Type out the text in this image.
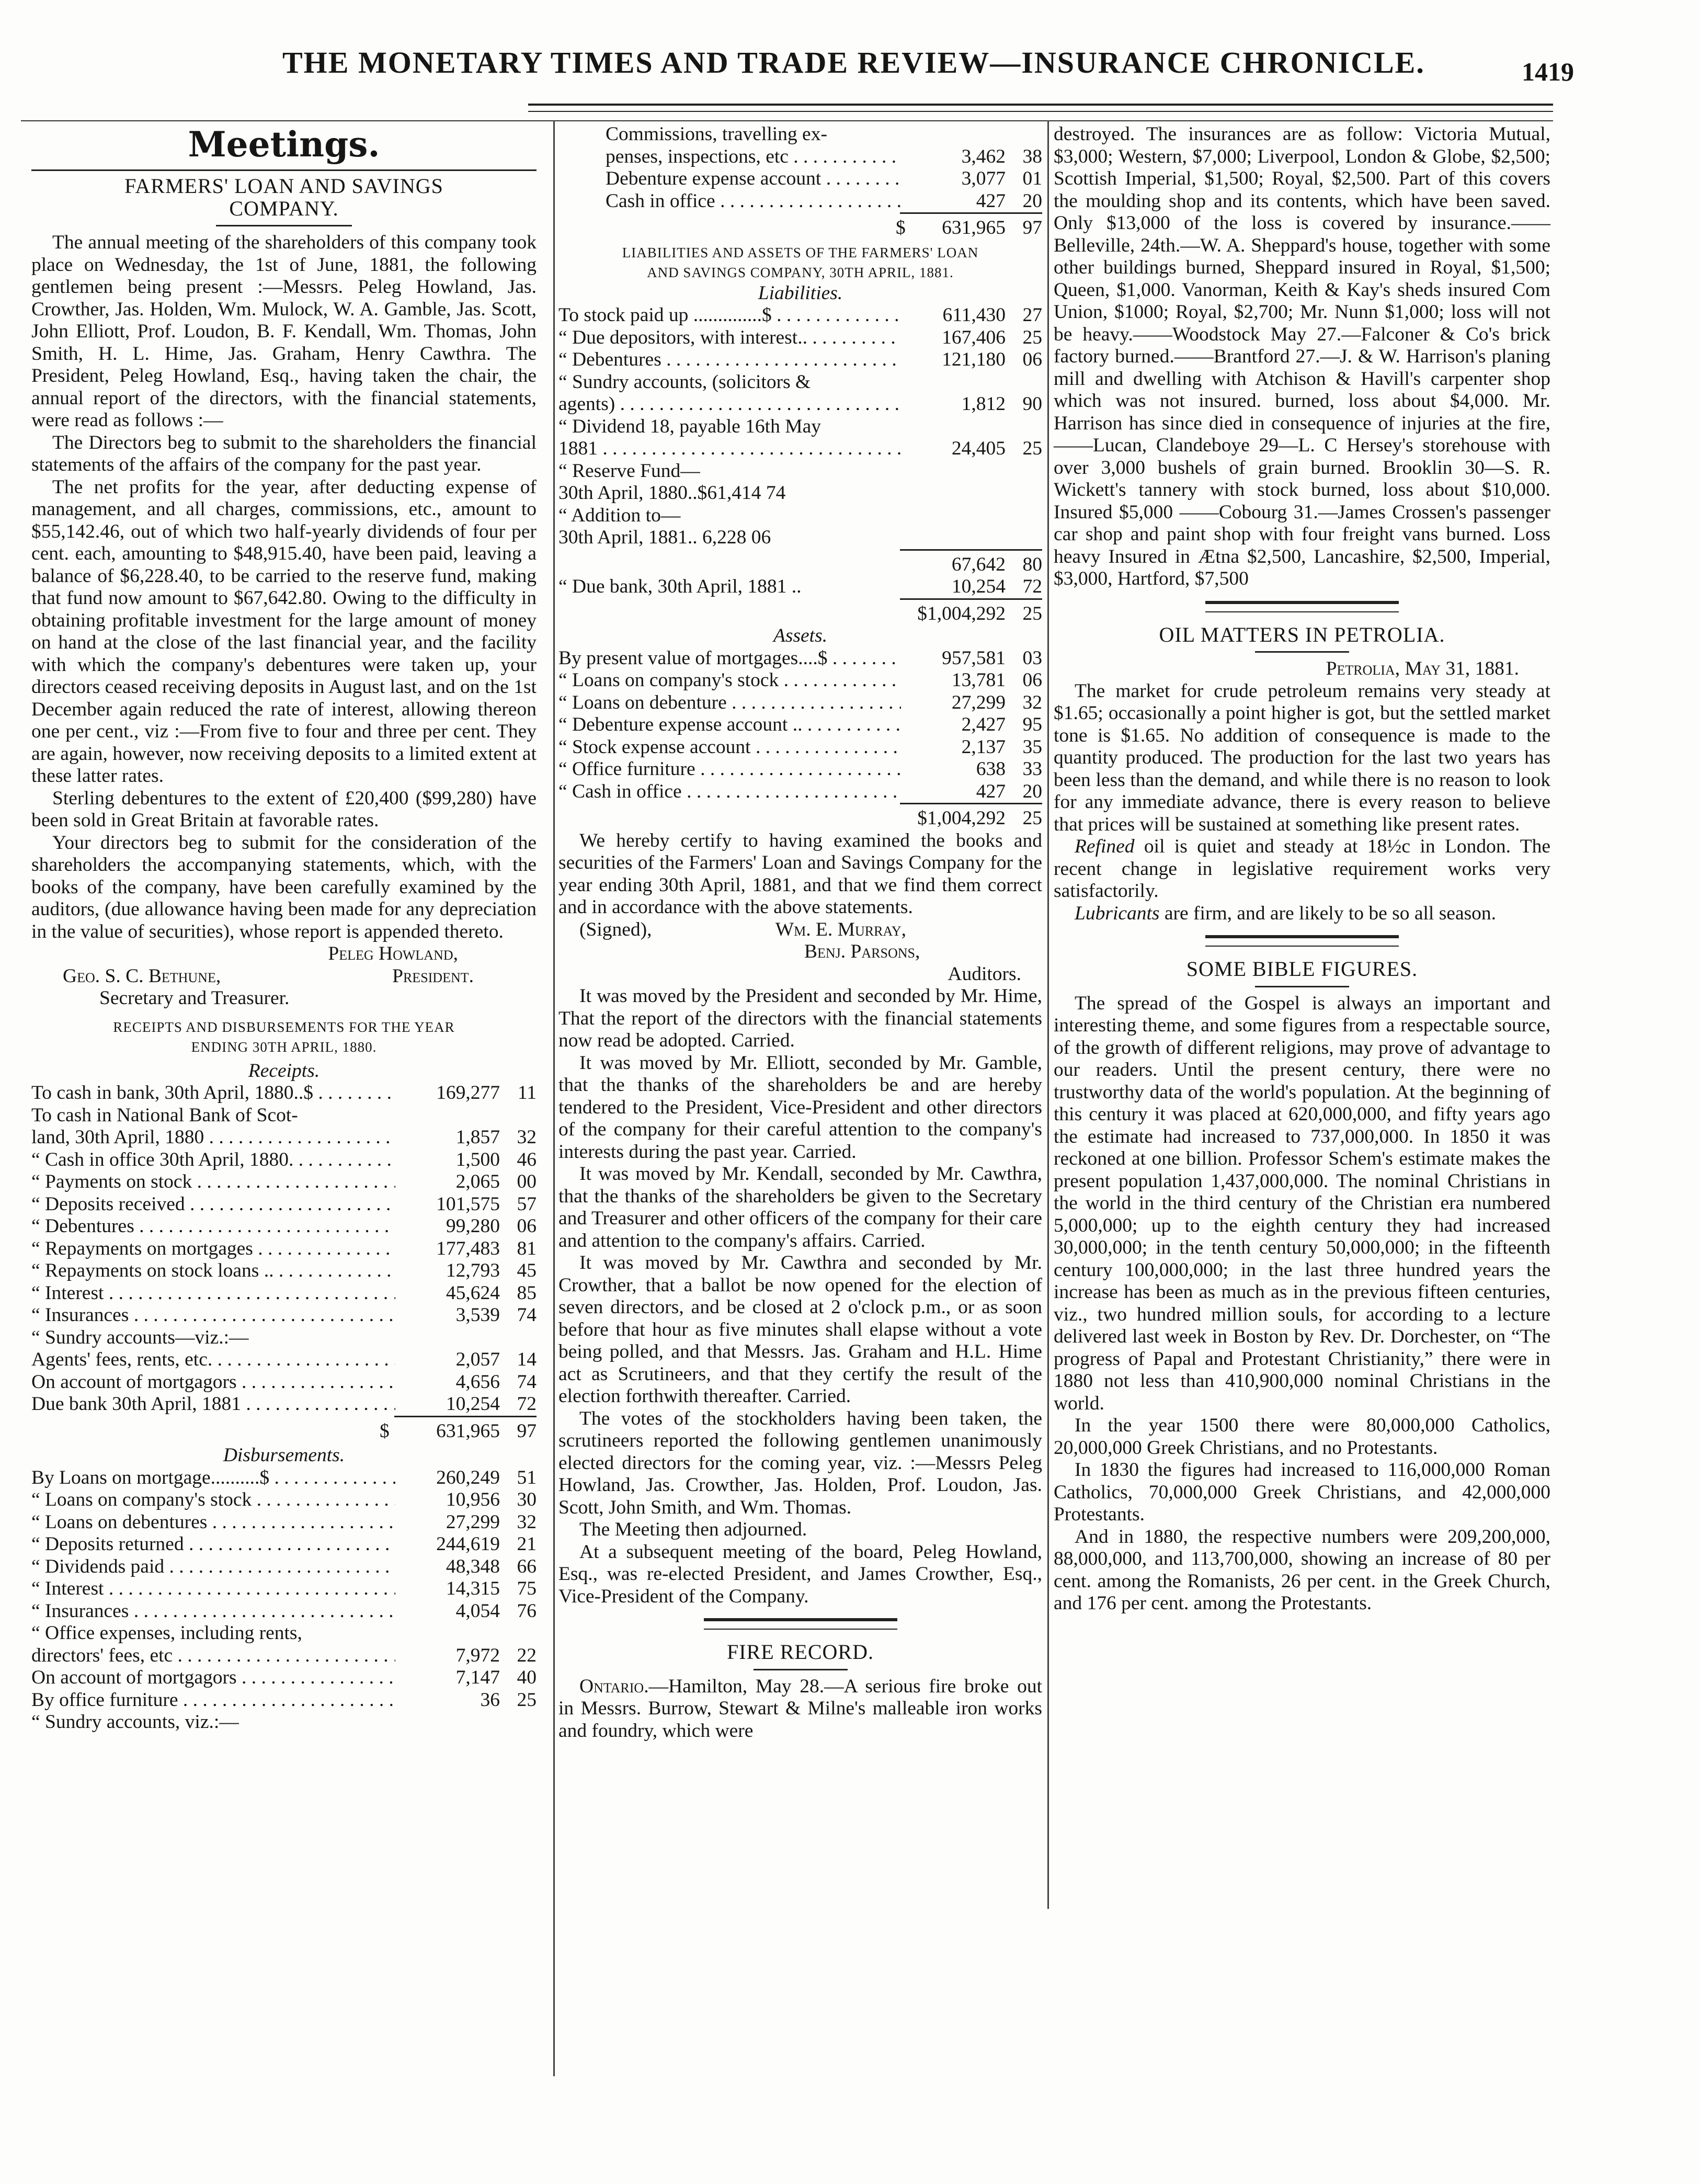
THE MONETARY TIMES AND TRADE REVIEW—INSURANCE CHRONICLE.	1419
Meetings.
FARMERS' LOAN AND SAVINGS COMPANY.

The annual meeting of the shareholders of this company took place on Wednesday, the 1st of June, 1881, the following gentlemen being present :—Messrs. Peleg Howland, Jas. Crowther, Jas. Holden, Wm. Mulock, W. A. Gamble, Jas. Scott, John Elliott, Prof. Loudon, B. F. Kendall, Wm. Thomas, John Smith, H. L. Hime, Jas. Graham, Henry Cawthra. The President, Peleg Howland, Esq., having taken the chair, the annual report of the directors, with the financial statements, were read as follows :—

The Directors beg to submit to the shareholders the financial statements of the affairs of the company for the past year.

The net profits for the year, after deducting expense of management, and all charges, commissions, etc., amount to $55,142.46, out of which two half-yearly dividends of four per cent. each, amounting to $48,915.40, have been paid, leaving a balance of $6,228.40, to be carried to the reserve fund, making that fund now amount to $67,642.80. Owing to the difficulty in obtaining profitable investment for the large amount of money on hand at the close of the last financial year, and the facility with which the company's debentures were taken up, your directors ceased receiving deposits in August last, and on the 1st December again reduced the rate of interest, allowing thereon one per cent., viz :—From five to four and three per cent. They are again, however, now receiving deposits to a limited extent at these latter rates.

Sterling debentures to the extent of £20,400 ($99,280) have been sold in Great Britain at favorable rates.

Your directors beg to submit for the consideration of the shareholders the accompanying statements, which, with the books of the company, have been carefully examined by the auditors, (due allowance having been made for any depreciation in the value of securities), whose report is appended thereto.

Peleg Howland,
Geo. S. C. Bethune,	President.
Secretary and Treasurer.
RECEIPTS AND DISBURSEMENTS FOR THE YEAR
ENDING 30TH APRIL, 1880.
Receipts.
To cash in bank, 30th April, 1880..$ . . .	169,277 11
To cash in National Bank of Scot-
land, 30th April, 1880 . . .	1,857 32
“ Cash in office 30th April, 1880. . . .	1,500 46
“ Payments on stock . . .	2,065 00
“ Deposits received . . .	101,575 57
“ Debentures . . .	99,280 06
“ Repayments on mortgages . . .	177,483 81
“ Repayments on stock loans .. . . .	12,793 45
“ Interest . . .	45,624 85
“ Insurances . . .	3,539 74
“ Sundry accounts—viz.:—
Agents' fees, rents, etc. . . .	2,057 14
On account of mortgagors . . .	4,656 74
Due bank 30th April, 1881 . . .	10,254 72
$	631,965 97
Disbursements.
By Loans on mortgage..........$ . . .	260,249 51
“ Loans on company's stock . . .	10,956 30
“ Loans on debentures . . .	27,299 32
“ Deposits returned . . .	244,619 21
“ Dividends paid . . .	48,348 66
“ Interest . . .	14,315 75
“ Insurances . . .	4,054 76
“ Office expenses, including rents,
directors' fees, etc . . .	7,972 22
On account of mortgagors . . .	7,147 40
By office furniture . . .	36 25
“ Sundry accounts, viz.:—
Commissions, travelling ex-
penses, inspections, etc . . .	3,462 38
Debenture expense account . . .	3,077 01
Cash in office . . .	427 20
$	631,965 97
LIABILITIES AND ASSETS OF THE FARMERS' LOAN
AND SAVINGS COMPANY, 30TH APRIL, 1881.
Liabilities.
To stock paid up ..............$ . . .	611,430 27
“ Due depositors, with interest.. . . .	167,406 25
“ Debentures . . .	121,180 06
“ Sundry accounts, (solicitors &
agents) . . .	1,812 90
“ Dividend 18, payable 16th May
1881 . . .	24,405 25
“ Reserve Fund—
30th April, 1880..$61,414 74
“ Addition to—
30th April, 1881.. 6,228 06
67,642 80
“ Due bank, 30th April, 1881 ..	10,254 72
$1,004,292 25
Assets.
By present value of mortgages....$ . . .	957,581 03
“ Loans on company's stock . . .	13,781 06
“ Loans on debenture . . .	27,299 32
“ Debenture expense account .. . . .	2,427 95
“ Stock expense account . . .	2,137 35
“ Office furniture . . .	638 33
“ Cash in office . . .	427 20
$1,004,292 25

We hereby certify to having examined the books and securities of the Farmers' Loan and Savings Company for the year ending 30th April, 1881, and that we find them correct and in accordance with the above statements.

(Signed),	Wm. E. Murray,
Benj. Parsons,
Auditors.

It was moved by the President and seconded by Mr. Hime, That the report of the directors with the financial statements now read be adopted. Carried.

It was moved by Mr. Elliott, seconded by Mr. Gamble, that the thanks of the shareholders be and are hereby tendered to the President, Vice-President and other directors of the company for their careful attention to the company's interests during the past year. Carried.

It was moved by Mr. Kendall, seconded by Mr. Cawthra, that the thanks of the shareholders be given to the Secretary and Treasurer and other officers of the company for their care and attention to the company's affairs. Carried.

It was moved by Mr. Cawthra and seconded by Mr. Crowther, that a ballot be now opened for the election of seven directors, and be closed at 2 o'clock p.m., or as soon before that hour as five minutes shall elapse without a vote being polled, and that Messrs. Jas. Graham and H.L. Hime act as Scrutineers, and that they certify the result of the election forthwith thereafter. Carried.

The votes of the stockholders having been taken, the scrutineers reported the following gentlemen unanimously elected directors for the coming year, viz. :—Messrs Peleg Howland, Jas. Crowther, Jas. Holden, Prof. Loudon, Jas. Scott, John Smith, and Wm. Thomas.

The Meeting then adjourned.

At a subsequent meeting of the board, Peleg Howland, Esq., was re-elected President, and James Crowther, Esq., Vice-President of the Company.

FIRE RECORD.

Ontario.—Hamilton, May 28.—A serious fire broke out in Messrs. Burrow, Stewart & Milne's malleable iron works and foundry, which were

destroyed. The insurances are as follow: Victoria Mutual, $3,000; Western, $7,000; Liverpool, London & Globe, $2,500; Scottish Imperial, $1,500; Royal, $2,500. Part of this covers the moulding shop and its contents, which have been saved. Only $13,000 of the loss is covered by insurance.——Belleville, 24th.—W. A. Sheppard's house, together with some other buildings burned, Sheppard insured in Royal, $1,500; Queen, $1,000. Vanorman, Keith & Kay's sheds insured Com Union, $1000; Royal, $2,700; Mr. Nunn $1,000; loss will not be heavy.——Woodstock May 27.—Falconer & Co's brick factory burned.——Brantford 27.—J. & W. Harrison's planing mill and dwelling with Atchison & Havill's carpenter shop which was not insured. burned, loss about $4,000. Mr. Harrison has since died in consequence of injuries at the fire, ——Lucan, Clandeboye 29—L. C Hersey's storehouse with over 3,000 bushels of grain burned. Brooklin 30—S. R. Wickett's tannery with stock burned, loss about $10,000. Insured $5,000 ——Cobourg 31.—James Crossen's passenger car shop and paint shop with four freight vans burned. Loss heavy Insured in Ætna $2,500, Lancashire, $2,500, Imperial, $3,000, Hartford, $7,500

OIL MATTERS IN PETROLIA.
Petrolia, May 31, 1881.

The market for crude petroleum remains very steady at $1.65; occasionally a point higher is got, but the settled market tone is $1.65. No addition of consequence is made to the quantity produced. The production for the last two years has been less than the demand, and while there is no reason to look for any immediate advance, there is every reason to believe that prices will be sustained at something like present rates.

Refined oil is quiet and steady at 18½c in London. The recent change in legislative requirement works very satisfactorily.

Lubricants are firm, and are likely to be so all season.

SOME BIBLE FIGURES.

The spread of the Gospel is always an important and interesting theme, and some figures from a respectable source, of the growth of different religions, may prove of advantage to our readers. Until the present century, there were no trustworthy data of the world's population. At the beginning of this century it was placed at 620,000,000, and fifty years ago the estimate had increased to 737,000,000. In 1850 it was reckoned at one billion. Professor Schem's estimate makes the present population 1,437,000,000. The nominal Christians in the world in the third century of the Christian era numbered 5,000,000; up to the eighth century they had increased 30,000,000; in the tenth century 50,000,000; in the fifteenth century 100,000,000; in the last three hundred years the increase has been as much as in the previous fifteen centuries, viz., two hundred million souls, for according to a lecture delivered last week in Boston by Rev. Dr. Dorchester, on “The progress of Papal and Protestant Christianity,” there were in 1880 not less than 410,900,000 nominal Christians in the world.

In the year 1500 there were 80,000,000 Catholics, 20,000,000 Greek Christians, and no Protestants.

In 1830 the figures had increased to 116,000,000 Roman Catholics, 70,000,000 Greek Christians, and 42,000,000 Protestants.

And in 1880, the respective numbers were 209,200,000, 88,000,000, and 113,700,000, showing an increase of 80 per cent. among the Romanists, 26 per cent. in the Greek Church, and 176 per cent. among the Protestants.
